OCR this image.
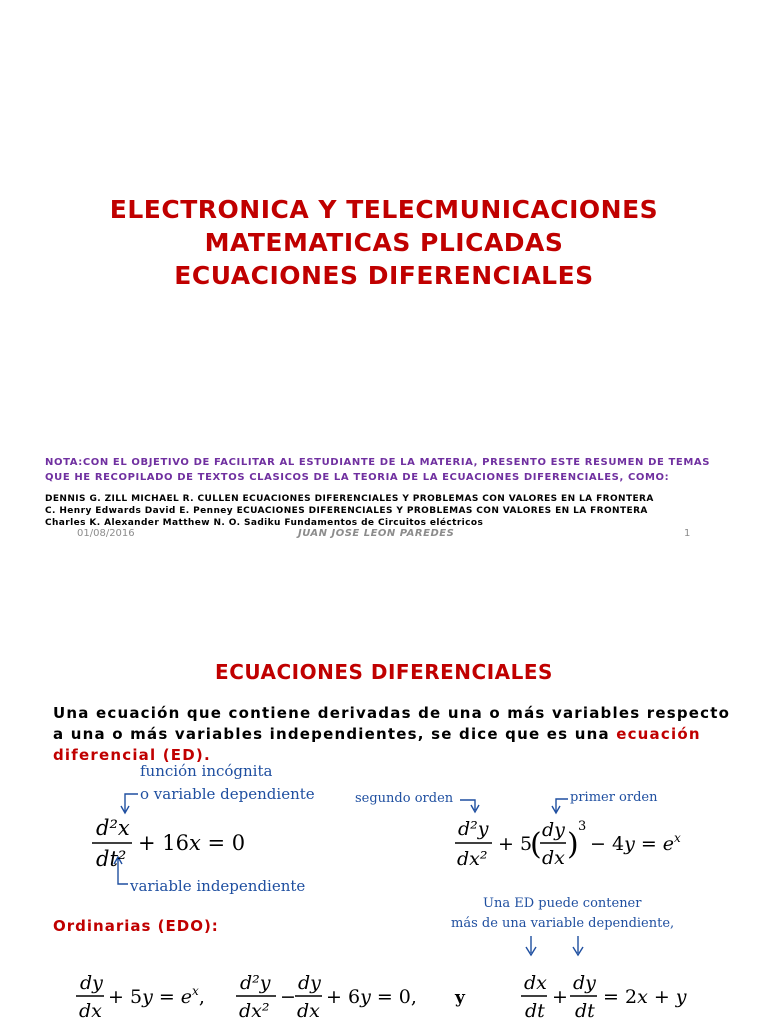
ELECTRONICA Y TELECMUNICACIONES
MATEMATICAS PLICADAS
ECUACIONES DIFERENCIALES
NOTA:CON EL OBJETIVO DE FACILITAR AL ESTUDIANTE DE LA MATERIA, PRESENTO ESTE RESUMEN DE TEMAS
QUE HE RECOPILADO DE TEXTOS CLASICOS DE LA TEORIA DE LA ECUACIONES DIFERENCIALES, COMO:
DENNIS G. ZILL MICHAEL R. CULLEN ECUACIONES DIFERENCIALES Y PROBLEMAS CON VALORES EN LA FRONTERA
C. Henry Edwards David E. Penney ECUACIONES DIFERENCIALES Y PROBLEMAS CON VALORES EN LA FRONTERA
Charles K. Alexander Matthew N. O. Sadiku Fundamentos de Circuitos eléctricos
01/08/2016	JUAN JOSE LEON PAREDES	1
ECUACIONES DIFERENCIALES
Una ecuación que contiene derivadas de una o más variables respecto a una o más variables independientes, se dice que es una ecuación diferencial (ED).
función incógnita
o variable dependiente
variable independiente
segundo orden	primer orden
Una ED puede contener
más de una variable dependiente,
Ordinarias (EDO):
d²x
dt²
+ 16x = 0
d²y
dx²
+ 5
( dy
dx )
3
− $4y = e^x$
dy
dx
+ $5y = e^x$,
d²y
dx²
−
dy
dx
+ 6y = 0, y
dx
dt
+
dy
dt
= 2x + y
